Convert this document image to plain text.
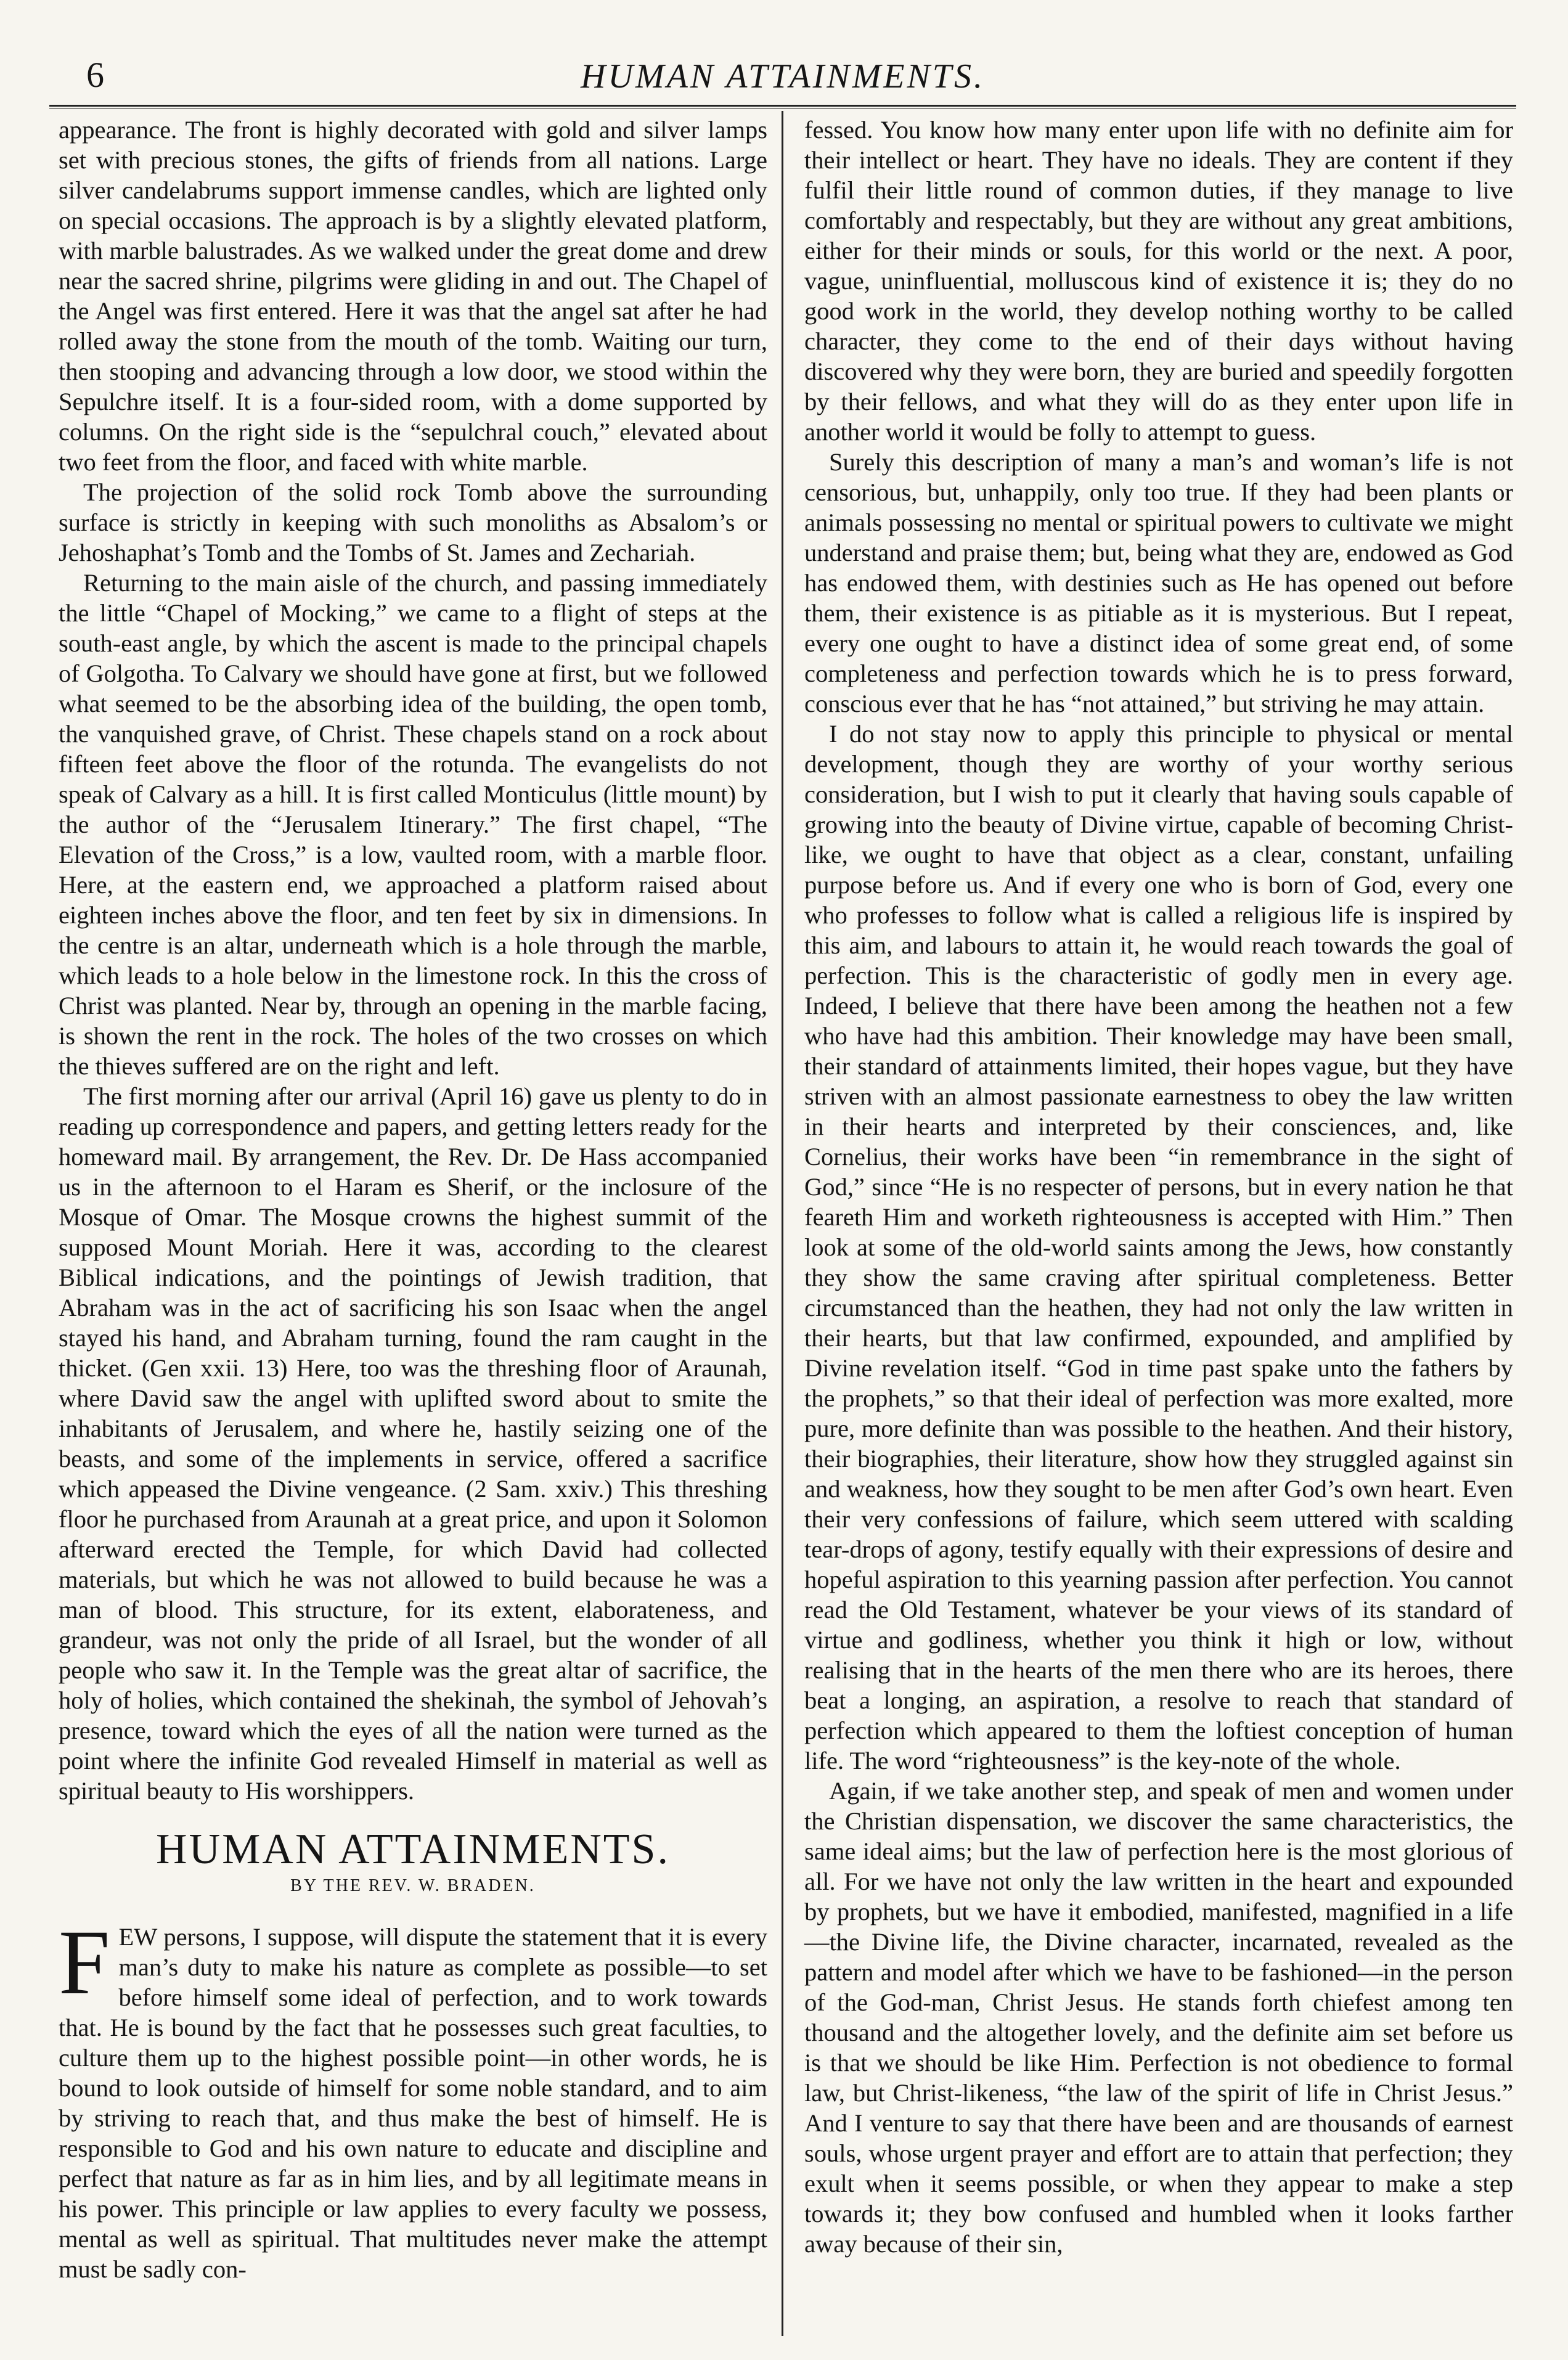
6	HUMAN ATTAINMENTS.

appearance. The front is highly decorated with gold and silver lamps set with precious stones, the gifts of friends from all nations. Large silver candelabrums support immense candles, which are lighted only on special occasions. The approach is by a slightly elevated platform, with marble balustrades. As we walked under the great dome and drew near the sacred shrine, pilgrims were gliding in and out. The Chapel of the Angel was first entered. Here it was that the angel sat after he had rolled away the stone from the mouth of the tomb. Waiting our turn, then stooping and advancing through a low door, we stood within the Sepulchre itself. It is a four-sided room, with a dome supported by columns. On the right side is the “sepulchral couch,” elevated about two feet from the floor, and faced with white marble.

The projection of the solid rock Tomb above the surrounding surface is strictly in keeping with such monoliths as Absalom’s or Jehoshaphat’s Tomb and the Tombs of St. James and Zechariah.

Returning to the main aisle of the church, and passing immediately the little “Chapel of Mocking,” we came to a flight of steps at the south-east angle, by which the ascent is made to the principal chapels of Golgotha. To Calvary we should have gone at first, but we followed what seemed to be the absorbing idea of the building, the open tomb, the vanquished grave, of Christ. These chapels stand on a rock about fifteen feet above the floor of the rotunda. The evangelists do not speak of Calvary as a hill. It is first called Monticulus (little mount) by the author of the “Jerusalem Itinerary.” The first chapel, “The Elevation of the Cross,” is a low, vaulted room, with a marble floor. Here, at the eastern end, we approached a platform raised about eighteen inches above the floor, and ten feet by six in dimensions. In the centre is an altar, underneath which is a hole through the marble, which leads to a hole below in the limestone rock. In this the cross of Christ was planted. Near by, through an opening in the marble facing, is shown the rent in the rock. The holes of the two crosses on which the thieves suffered are on the right and left.

The first morning after our arrival (April 16) gave us plenty to do in reading up correspondence and papers, and getting letters ready for the homeward mail. By arrangement, the Rev. Dr. De Hass accompanied us in the afternoon to el Haram es Sherif, or the inclosure of the Mosque of Omar. The Mosque crowns the highest summit of the supposed Mount Moriah. Here it was, according to the clearest Biblical indications, and the pointings of Jewish tradition, that Abraham was in the act of sacrificing his son Isaac when the angel stayed his hand, and Abraham turning, found the ram caught in the thicket. (Gen xxii. 13) Here, too was the threshing floor of Araunah, where David saw the angel with uplifted sword about to smite the inhabitants of Jerusalem, and where he, hastily seizing one of the beasts, and some of the implements in service, offered a sacrifice which appeased the Divine vengeance. (2 Sam. xxiv.) This threshing floor he purchased from Araunah at a great price, and upon it Solomon afterward erected the Temple, for which David had collected materials, but which he was not allowed to build because he was a man of blood. This structure, for its extent, elaborateness, and grandeur, was not only the pride of all Israel, but the wonder of all people who saw it. In the Temple was the great altar of sacrifice, the holy of holies, which contained the shekinah, the symbol of Jehovah’s presence, toward which the eyes of all the nation were turned as the point where the infinite God revealed Himself in material as well as spiritual beauty to His worshippers.

HUMAN ATTAINMENTS.
BY THE REV. W. BRADEN.

F EW persons, I suppose, will dispute the statement that it is every man’s duty to make his nature as complete as possible—to set before himself some ideal of perfection, and to work towards that. He is bound by the fact that he possesses such great faculties, to culture them up to the highest possible point—in other words, he is bound to look outside of himself for some noble standard, and to aim by striving to reach that, and thus make the best of himself. He is responsible to God and his own nature to educate and discipline and perfect that nature as far as in him lies, and by all legitimate means in his power. This principle or law applies to every faculty we possess, mental as well as spiritual. That multitudes never make the attempt must be sadly con-

fessed. You know how many enter upon life with no definite aim for their intellect or heart. They have no ideals. They are content if they fulfil their little round of common duties, if they manage to live comfortably and respectably, but they are without any great ambitions, either for their minds or souls, for this world or the next. A poor, vague, uninfluential, molluscous kind of existence it is; they do no good work in the world, they develop nothing worthy to be called character, they come to the end of their days without having discovered why they were born, they are buried and speedily forgotten by their fellows, and what they will do as they enter upon life in another world it would be folly to attempt to guess.

Surely this description of many a man’s and woman’s life is not censorious, but, unhappily, only too true. If they had been plants or animals possessing no mental or spiritual powers to cultivate we might understand and praise them; but, being what they are, endowed as God has endowed them, with destinies such as He has opened out before them, their existence is as pitiable as it is mysterious. But I repeat, every one ought to have a distinct idea of some great end, of some completeness and perfection towards which he is to press forward, conscious ever that he has “not attained,” but striving he may attain.

I do not stay now to apply this principle to physical or mental development, though they are worthy of your worthy serious consideration, but I wish to put it clearly that having souls capable of growing into the beauty of Divine virtue, capable of becoming Christ-like, we ought to have that object as a clear, constant, unfailing purpose before us. And if every one who is born of God, every one who professes to follow what is called a religious life is inspired by this aim, and labours to attain it, he would reach towards the goal of perfection. This is the characteristic of godly men in every age. Indeed, I believe that there have been among the heathen not a few who have had this ambition. Their knowledge may have been small, their standard of attainments limited, their hopes vague, but they have striven with an almost passionate earnestness to obey the law written in their hearts and interpreted by their consciences, and, like Cornelius, their works have been “in remembrance in the sight of God,” since “He is no respecter of persons, but in every nation he that feareth Him and worketh righteousness is accepted with Him.” Then look at some of the old-world saints among the Jews, how constantly they show the same craving after spiritual completeness. Better circumstanced than the heathen, they had not only the law written in their hearts, but that law confirmed, expounded, and amplified by Divine revelation itself. “God in time past spake unto the fathers by the prophets,” so that their ideal of perfection was more exalted, more pure, more definite than was possible to the heathen. And their history, their biographies, their literature, show how they struggled against sin and weakness, how they sought to be men after God’s own heart. Even their very confessions of failure, which seem uttered with scalding tear-drops of agony, testify equally with their expressions of desire and hopeful aspiration to this yearning passion after perfection. You cannot read the Old Testament, whatever be your views of its standard of virtue and godliness, whether you think it high or low, without realising that in the hearts of the men there who are its heroes, there beat a longing, an aspiration, a resolve to reach that standard of perfection which appeared to them the loftiest conception of human life. The word “righteousness” is the key-note of the whole.

Again, if we take another step, and speak of men and women under the Christian dispensation, we discover the same characteristics, the same ideal aims; but the law of perfection here is the most glorious of all. For we have not only the law written in the heart and expounded by prophets, but we have it embodied, manifested, magnified in a life—the Divine life, the Divine character, incarnated, revealed as the pattern and model after which we have to be fashioned—in the person of the God-man, Christ Jesus. He stands forth chiefest among ten thousand and the altogether lovely, and the definite aim set before us is that we should be like Him. Perfection is not obedience to formal law, but Christ-likeness, “the law of the spirit of life in Christ Jesus.” And I venture to say that there have been and are thousands of earnest souls, whose urgent prayer and effort are to attain that perfection; they exult when it seems possible, or when they appear to make a step towards it; they bow confused and humbled when it looks farther away because of their sin,
